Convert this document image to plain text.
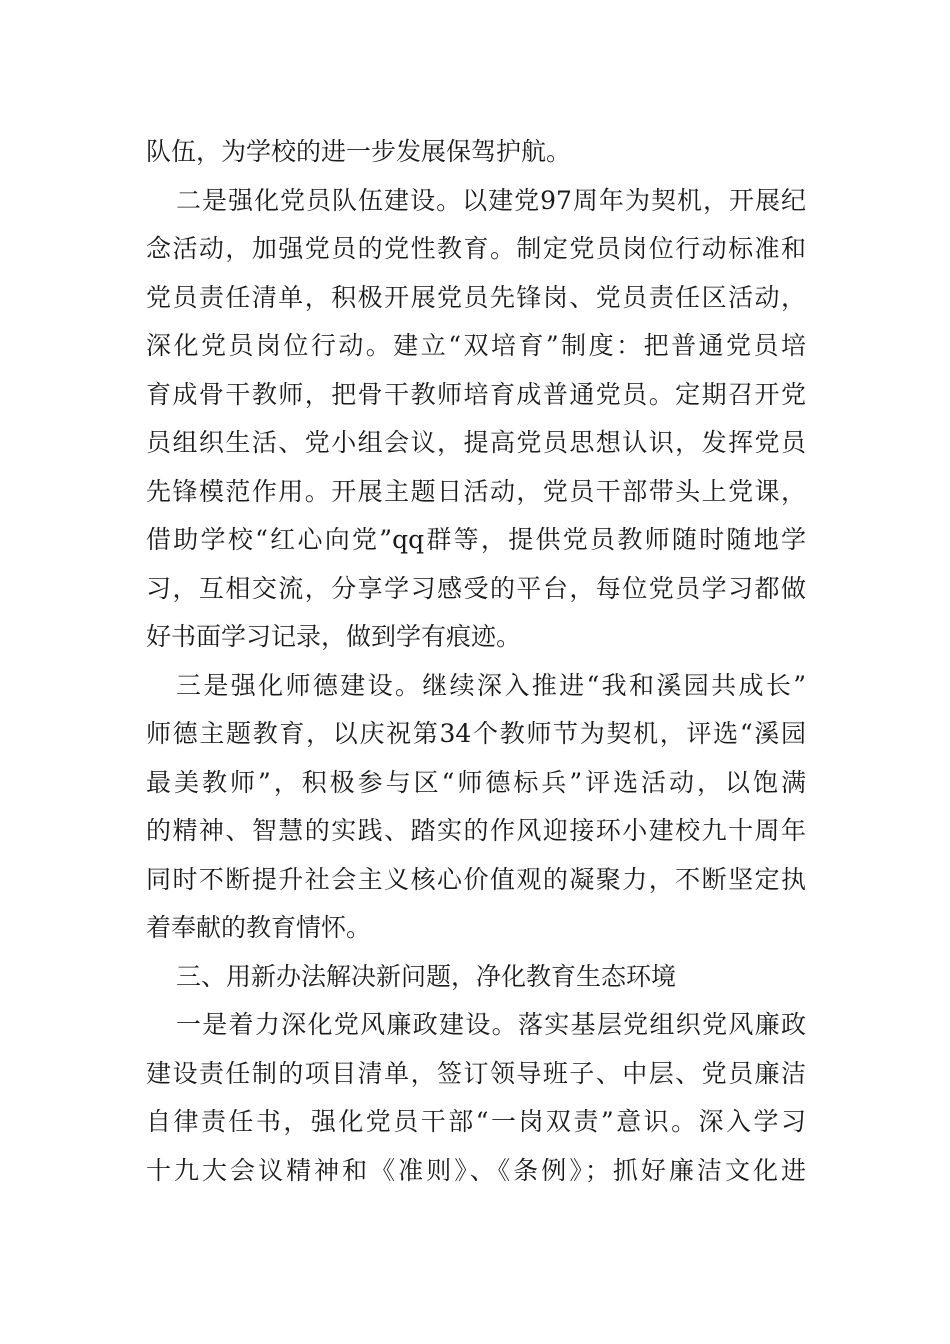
队伍，为学校的进一步发展保驾护航。
二是强化党员队伍建设。以建党97周年为契机，开展纪
念活动，加强党员的党性教育。制定党员岗位行动标准和
党员责任清单，积极开展党员先锋岗、党员责任区活动，
深化党员岗位行动。建立“双培育”制度：把普通党员培
育成骨干教师，把骨干教师培育成普通党员。定期召开党
员组织生活、党小组会议，提高党员思想认识，发挥党员
先锋模范作用。开展主题日活动，党员干部带头上党课，
借助学校“红心向党”qq群等，提供党员教师随时随地学
习，互相交流，分享学习感受的平台，每位党员学习都做
好书面学习记录，做到学有痕迹。
三是强化师德建设。继续深入推进“我和溪园共成长”
师德主题教育，以庆祝第34个教师节为契机，评选“溪园
最美教师”，积极参与区“师德标兵”评选活动，以饱满
的精神、智慧的实践、踏实的作风迎接环小建校九十周年
同时不断提升社会主义核心价值观的凝聚力，不断坚定执
着奉献的教育情怀。
三、用新办法解决新问题，净化教育生态环境
一是着力深化党风廉政建设。落实基层党组织党风廉政
建设责任制的项目清单，签订领导班子、中层、党员廉洁
自律责任书，强化党员干部“一岗双责”意识。深入学习
十九大会议精神和《准则》、《条例》；抓好廉洁文化进
